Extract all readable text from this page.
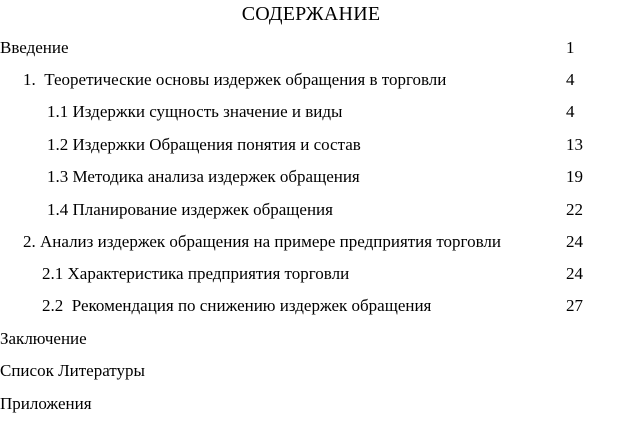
СОДЕРЖАНИЕ
Введение	1
1.  Теоретические основы издержек обращения в торговли	4
1.1 Издержки сущность значение и виды	4
1.2 Издержки Обращения понятия и состав	13
1.3 Методика анализа издержек обращения	19
1.4 Планирование издержек обращения	22
2. Анализ издержек обращения на примере предприятия торговли	24
2.1 Характеристика предприятия торговли	24
2.2  Рекомендация по снижению издержек обращения	27
Заключение
Список Литературы
Приложения
